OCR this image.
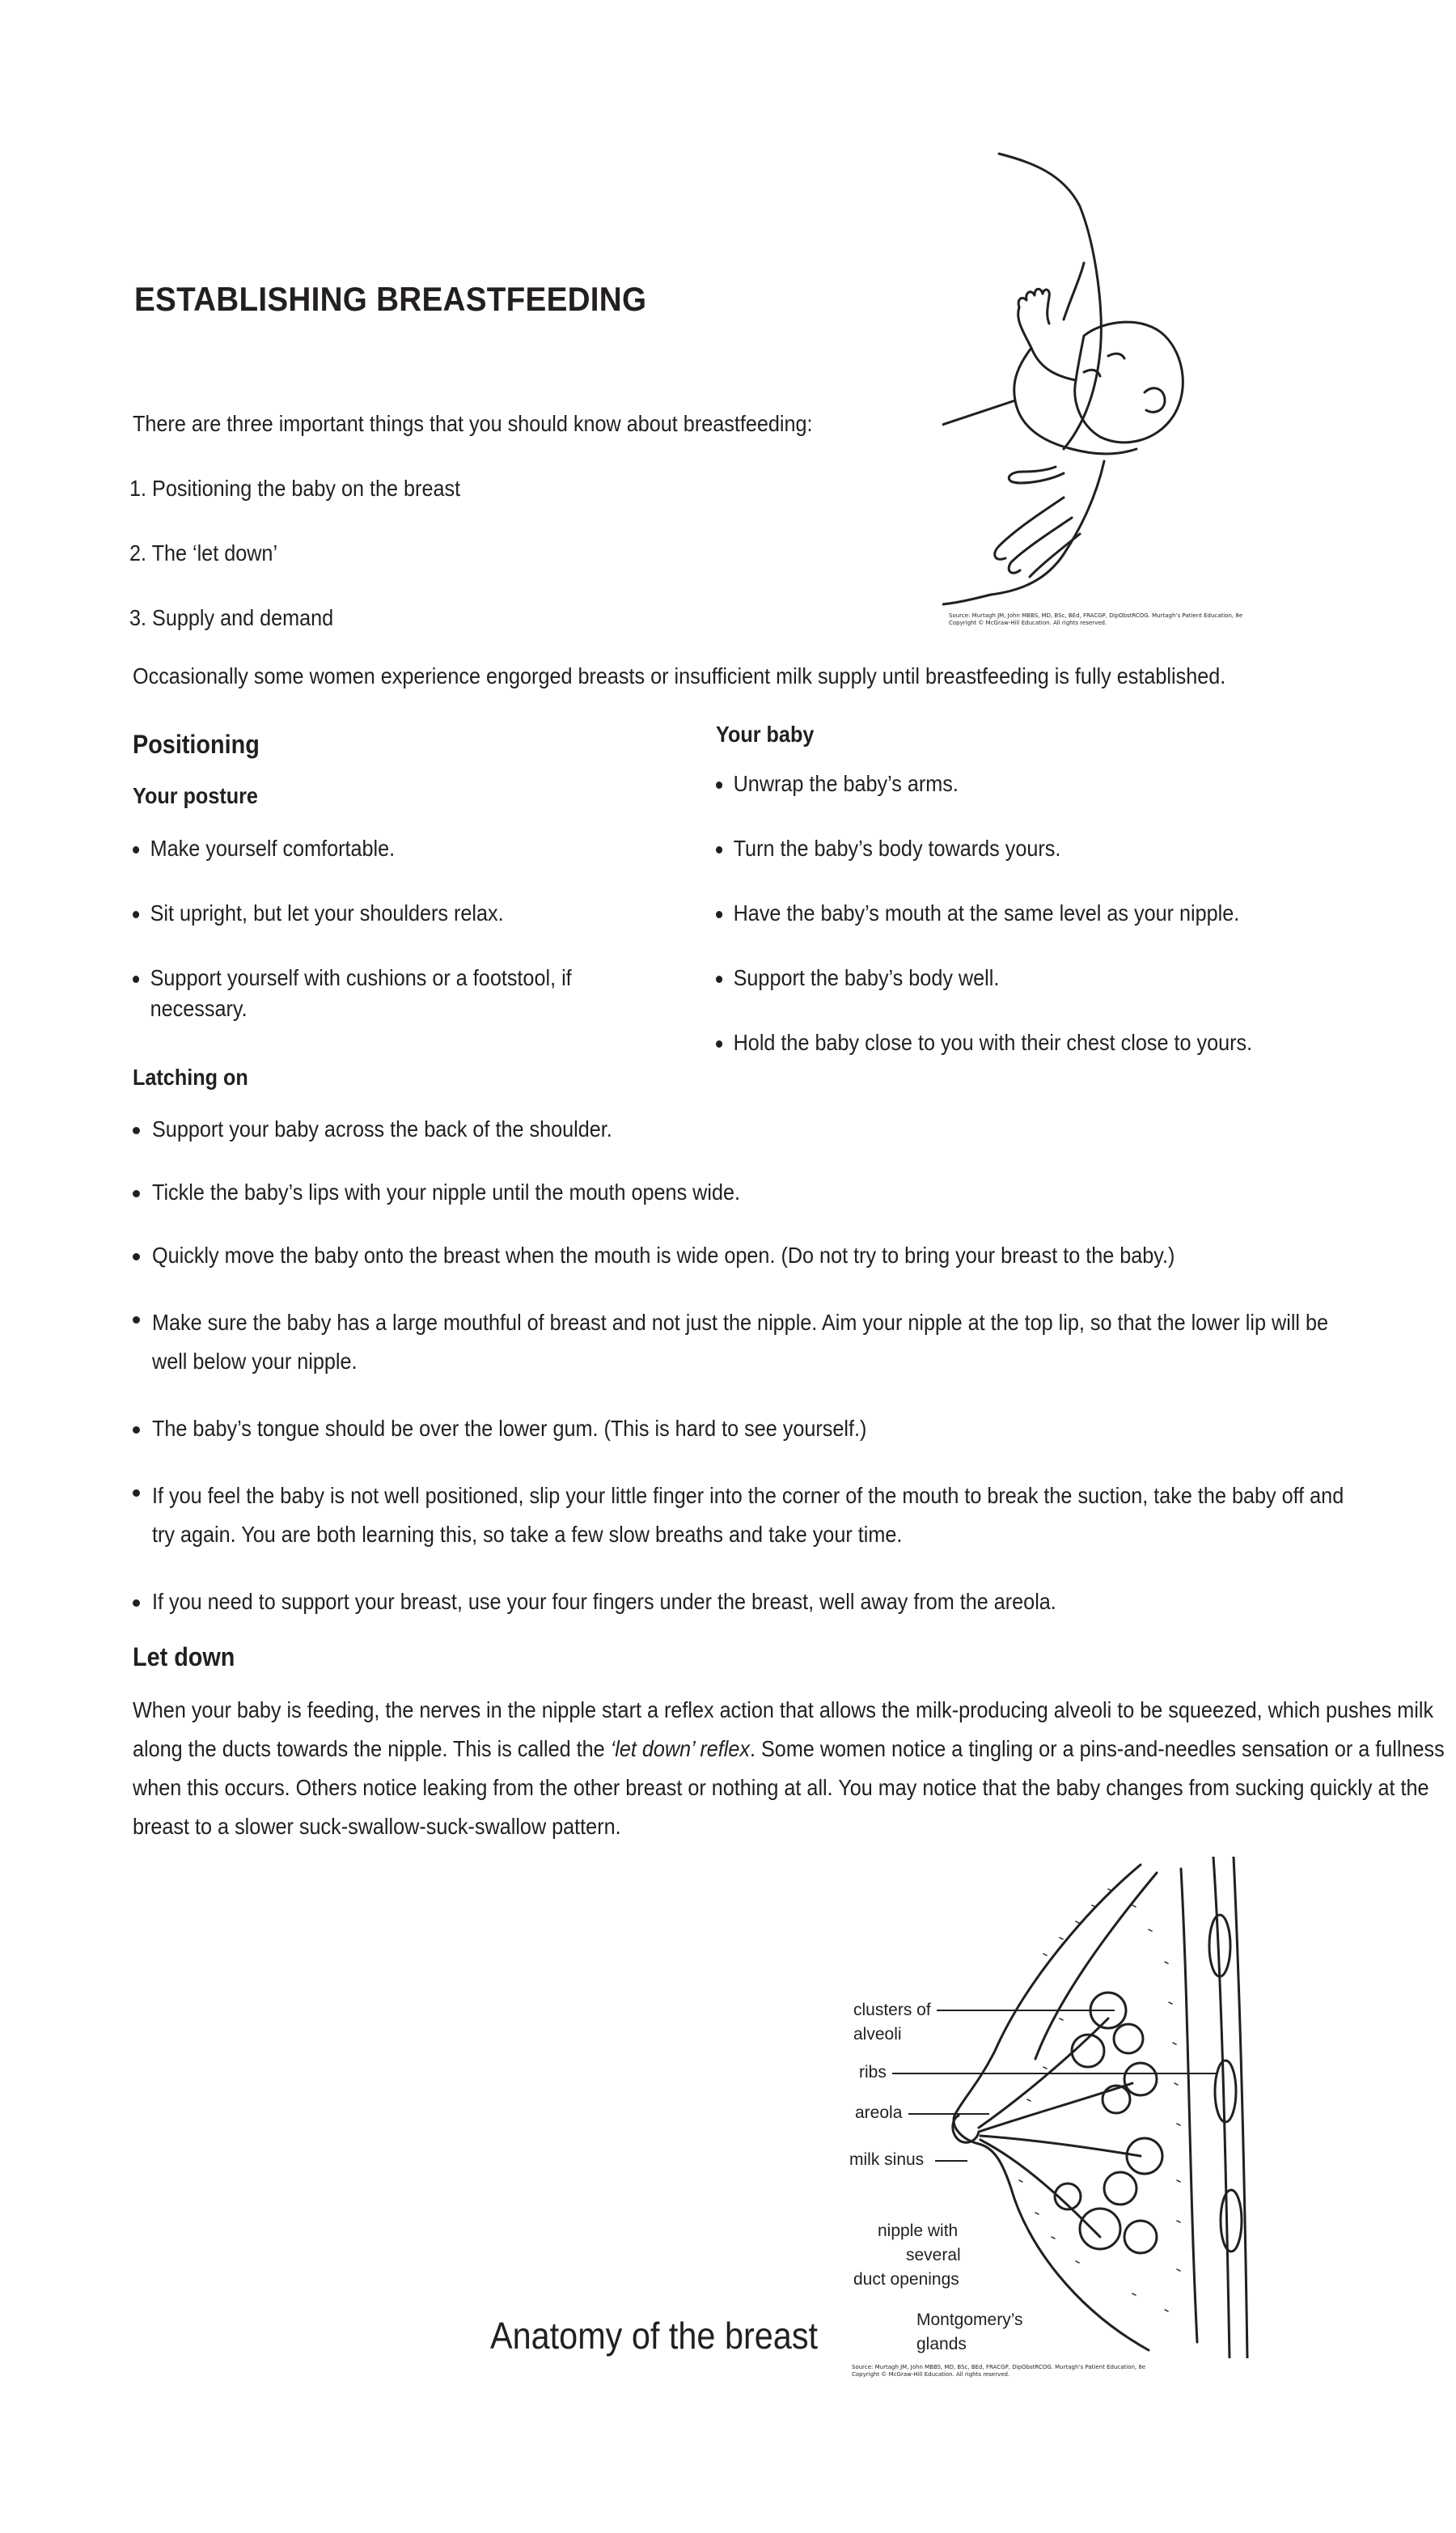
ESTABLISHING BREASTFEEDING
There are three important things that you should know about breastfeeding:
1. Positioning the baby on the breast
2. The ‘let down’
3. Supply and demand
Occasionally some women experience engorged breasts or insufficient milk supply until breastfeeding is fully established.
Source: Murtagh JM, John MBBS, MD, BSc, BEd, FRACGP, DipObstRCOG. Murtagh’s Patient Education, 8e
Copyright © McGraw-Hill Education. All rights reserved.
Positioning
Your posture
Make yourself comfortable.
Sit upright, but let your shoulders relax.
Support yourself with cushions or a footstool, if necessary.
Your baby
Unwrap the baby’s arms.
Turn the baby’s body towards yours.
Have the baby’s mouth at the same level as your nipple.
Support the baby’s body well.
Hold the baby close to you with their chest close to yours.
Latching on
Support your baby across the back of the shoulder.
Tickle the baby’s lips with your nipple until the mouth opens wide.
Quickly move the baby onto the breast when the mouth is wide open. (Do not try to bring your breast to the baby.)
Make sure the baby has a large mouthful of breast and not just the nipple. Aim your nipple at the top lip, so that the lower lip will be well below your nipple.
The baby’s tongue should be over the lower gum. (This is hard to see yourself.)
If you feel the baby is not well positioned, slip your little finger into the corner of the mouth to break the suction, take the baby off and try again. You are both learning this, so take a few slow breaths and take your time.
If you need to support your breast, use your four fingers under the breast, well away from the areola.
Let down
When your baby is feeding, the nerves in the nipple start a reflex action that allows the milk-producing alveoli to be squeezed, which pushes milk along the ducts towards the nipple. This is called the ‘let down’ reflex. Some women notice a tingling or a pins-and-needles sensation or a fullness when this occurs. Others notice leaking from the other breast or nothing at all. You may notice that the baby changes from sucking quickly at the breast to a slower suck-swallow-suck-swallow pattern.
clusters of
alveoli
ribs
areola
milk sinus
nipple with
several
duct openings
Montgomery’s
glands
Anatomy of the breast
Source: Murtagh JM, John MBBS, MD, BSc, BEd, FRACGP, DipObstRCOG. Murtagh’s Patient Education, 8e
Copyright © McGraw-Hill Education. All rights reserved.
